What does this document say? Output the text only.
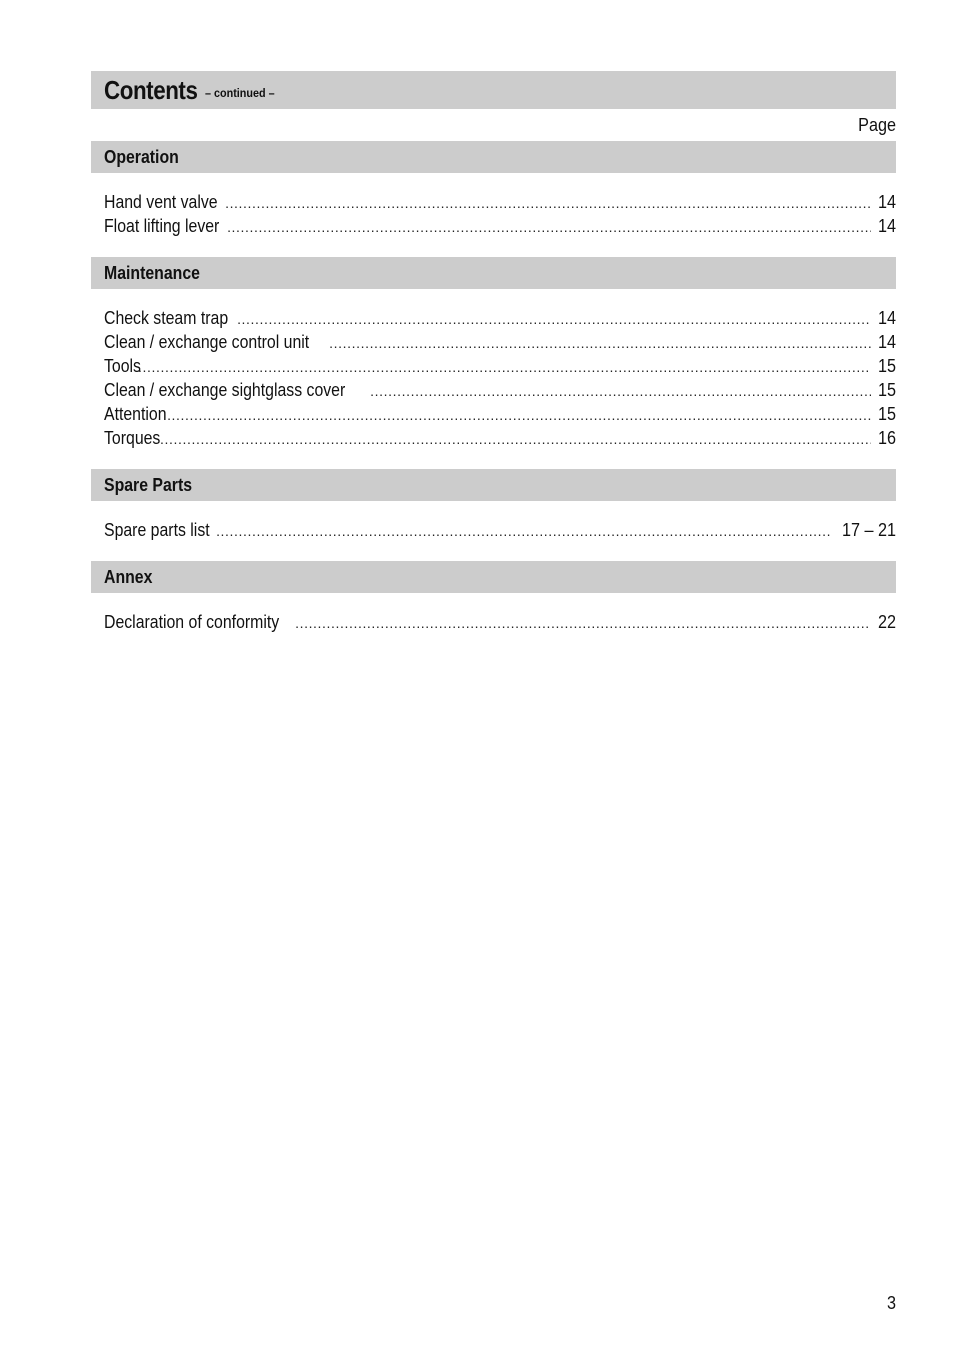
Contents – continued –
Page
Operation
Hand vent valve .....	14
Float lifting lever .....	14
Maintenance
Check steam trap .....	14
Clean / exchange control unit .....	14
Tools .....	15
Clean / exchange sightglass cover .....	15
Attention .....	15
Torques .....	16
Spare Parts
Spare parts list .....	17 – 21
Annex
Declaration of conformity .....	22
3
